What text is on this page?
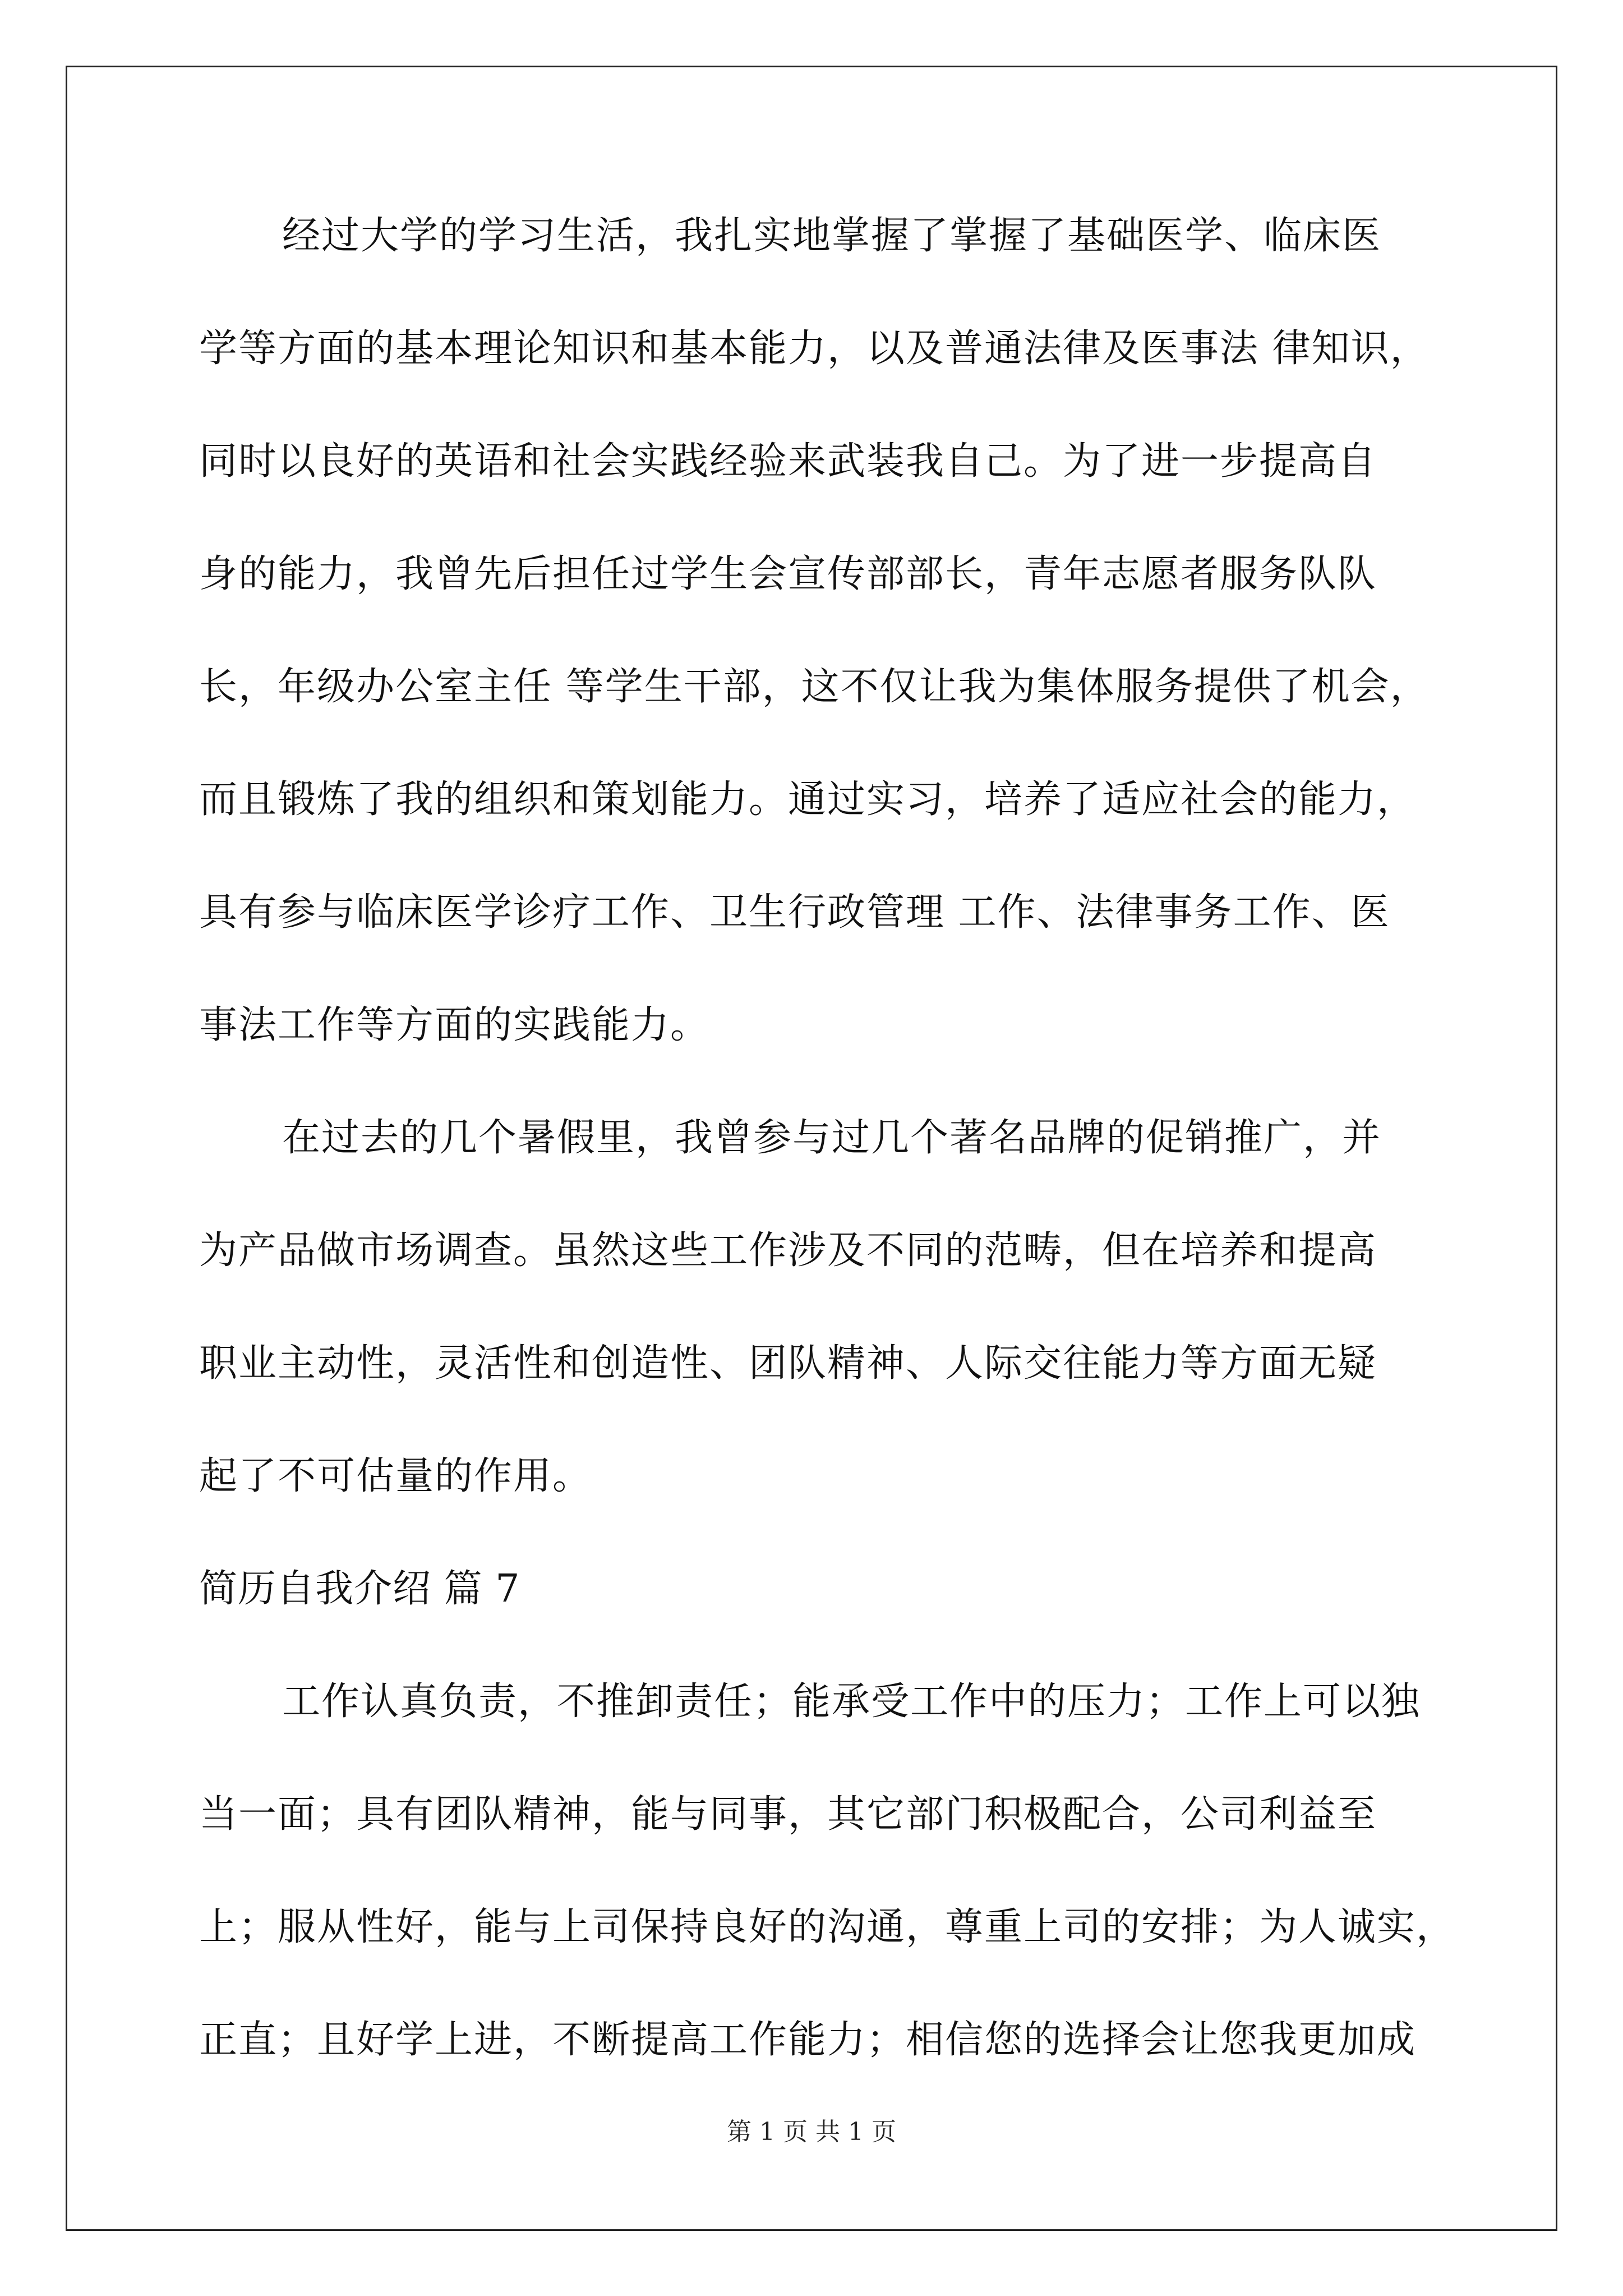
经过大学的学习生活，我扎实地掌握了掌握了基础医学、临床医
学等方面的基本理论知识和基本能力，以及普通法律及医事法 律知识，
同时以良好的英语和社会实践经验来武装我自己。为了进一步提高自
身的能力，我曾先后担任过学生会宣传部部长，青年志愿者服务队队
长，年级办公室主任 等学生干部，这不仅让我为集体服务提供了机会，
而且锻炼了我的组织和策划能力。通过实习，培养了适应社会的能力，
具有参与临床医学诊疗工作、卫生行政管理 工作、法律事务工作、医
事法工作等方面的实践能力。
在过去的几个暑假里，我曾参与过几个著名品牌的促销推广，并
为产品做市场调查。虽然这些工作涉及不同的范畴，但在培养和提高
职业主动性，灵活性和创造性、团队精神、人际交往能力等方面无疑
起了不可估量的作用。
简历自我介绍 篇 7
工作认真负责，不推卸责任；能承受工作中的压力；工作上可以独
当一面；具有团队精神，能与同事，其它部门积极配合，公司利益至
上；服从性好，能与上司保持良好的沟通，尊重上司的安排；为人诚实，
正直；且好学上进，不断提高工作能力；相信您的选择会让您我更加成
第 1 页 共 1 页
